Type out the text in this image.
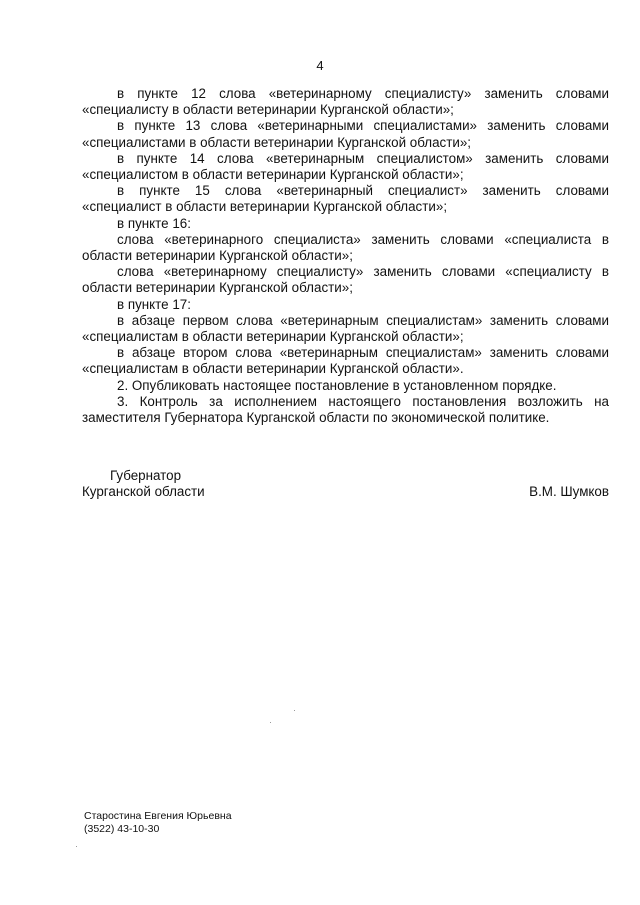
4

в пункте 12 слова «ветеринарному специалисту» заменить словами «специалисту в области ветеринарии Курганской области»;

в пункте 13 слова «ветеринарными специалистами» заменить словами «специалистами в области ветеринарии Курганской области»;

в пункте 14 слова «ветеринарным специалистом» заменить словами «специалистом в области ветеринарии Курганской области»;

в пункте 15 слова «ветеринарный специалист» заменить словами «специалист в области ветеринарии Курганской области»;

в пункте 16:

слова «ветеринарного специалиста» заменить словами «специалиста в области ветеринарии Курганской области»;

слова «ветеринарному специалисту» заменить словами «специалисту в области ветеринарии Курганской области»;

в пункте 17:

в абзаце первом слова «ветеринарным специалистам» заменить словами «специалистам в области ветеринарии Курганской области»;

в абзаце втором слова «ветеринарным специалистам» заменить словами «специалистам в области ветеринарии Курганской области».

2. Опубликовать настоящее постановление в установленном порядке.

3. Контроль за исполнением настоящего постановления возложить на заместителя Губернатора Курганской области по экономической политике.

Губернатор
Курганской области	В.М. Шумков
Старостина Евгения Юрьевна
(3522) 43-10-30
